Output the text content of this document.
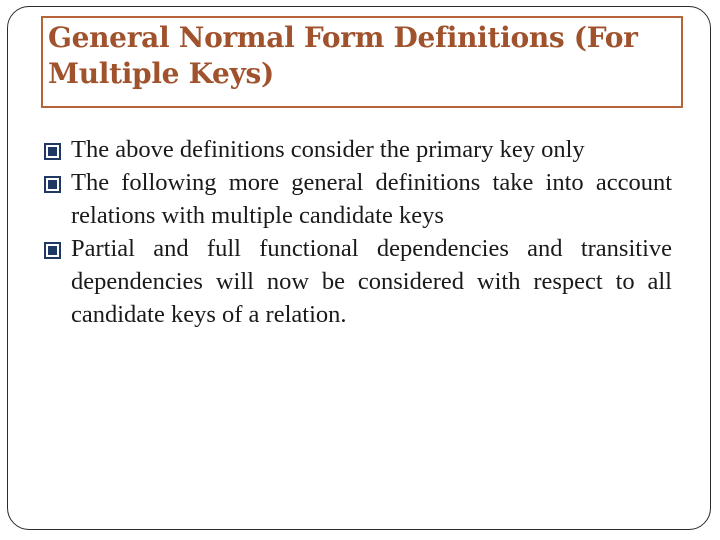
General Normal Form Definitions (For Multiple Keys)
The above definitions consider the primary key only
The following more general definitions take into account relations with multiple candidate keys
Partial and full functional dependencies and transitive dependencies will now be considered with respect to all candidate keys of a relation.
